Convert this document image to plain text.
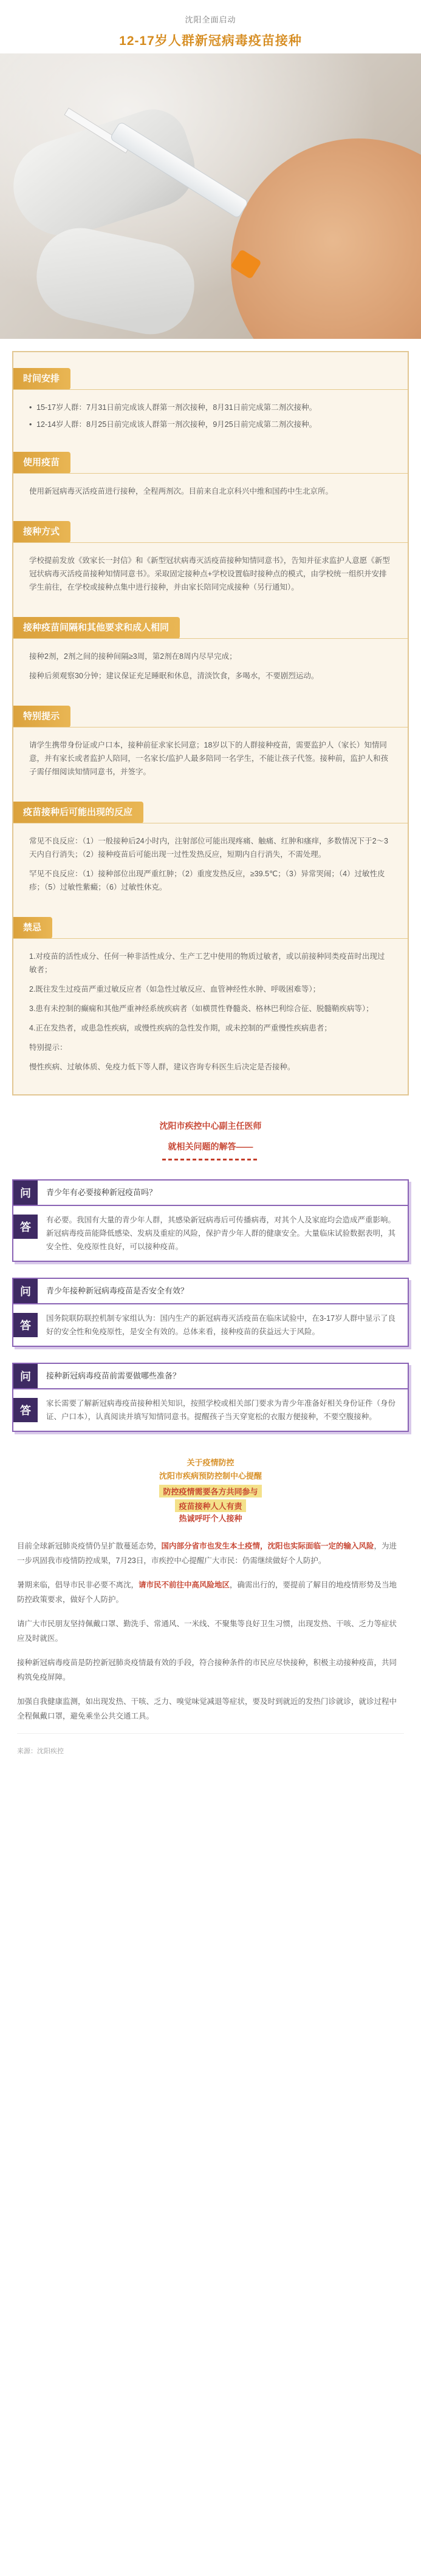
沈阳全面启动
12-17岁人群新冠病毒疫苗接种
时间安排
• 15-17岁人群：7月31日前完成该人群第一剂次接种，8月31日前完成第二剂次接种。
• 12-14岁人群：8月25日前完成该人群第一剂次接种，9月25日前完成第二剂次接种。
使用疫苗

使用新冠病毒灭活疫苗进行接种，全程两剂次。目前来自北京科兴中维和国药中生北京所。

接种方式

学校提前发放《致家长一封信》和《新型冠状病毒灭活疫苗接种知情同意书》，告知并征求监护人意愿《新型冠状病毒灭活疫苗接种知情同意书》。采取固定接种点+学校设置临时接种点的模式，由学校统一组织并安排学生前往，在学校或接种点集中进行接种，并由家长陪同完成接种（另行通知）。

接种疫苗间隔和其他要求和成人相同

接种2剂，2剂之间的接种间隔≥3周，第2剂在8周内尽早完成；

接种后须观察30分钟；建议保证充足睡眠和休息，清淡饮食，多喝水，不要剧烈运动。

特别提示

请学生携带身份证或户口本，接种前征求家长同意；18岁以下的人群接种疫苗，需要监护人（家长）知情同意，并有家长或者监护人陪同，一名家长/监护人最多陪同一名学生，不能让孩子代签。接种前，监护人和孩子需仔细阅读知情同意书，并签字。

疫苗接种后可能出现的反应

常见不良反应：（1）一般接种后24小时内，注射部位可能出现疼痛、触痛、红肿和瘙痒，多数情况下于2～3天内自行消失；（2）接种疫苗后可能出现一过性发热反应，短期内自行消失，不需处理。

罕见不良反应：（1）接种部位出现严重红肿；（2）重度发热反应，≥39.5℃；（3）异常哭闹；（4）过敏性皮疹；（5）过敏性紫癜；（6）过敏性休克。

禁忌

1.对疫苗的活性成分、任何一种非活性成分、生产工艺中使用的物质过敏者，或以前接种同类疫苗时出现过敏者；

2.既往发生过疫苗严重过敏反应者（如急性过敏反应、血管神经性水肿、呼吸困难等）；

3.患有未控制的癫痫和其他严重神经系统疾病者（如横贯性脊髓炎、格林巴利综合征、脱髓鞘疾病等）；

4.正在发热者，或患急性疾病，或慢性疾病的急性发作期，或未控制的严重慢性疾病患者；

特别提示：

慢性疾病、过敏体质、免疫力低下等人群，建议咨询专科医生后决定是否接种。

沈阳市疾控中心副主任医师
就相关问题的解答——
问	青少年有必要接种新冠疫苗吗？
答
有必要。我国有大量的青少年人群，其感染新冠病毒后可传播病毒，对其个人及家庭均会造成严重影响。新冠病毒疫苗能降低感染、发病及重症的风险，保护青少年人群的健康安全。大量临床试验数据表明，其安全性、免疫原性良好，可以接种疫苗。
问	青少年接种新冠病毒疫苗是否安全有效？
答
国务院联防联控机制专家组认为：国内生产的新冠病毒灭活疫苗在临床试验中，在3-17岁人群中显示了良好的安全性和免疫原性，是安全有效的。总体来看，接种疫苗的获益远大于风险。
问	接种新冠病毒疫苗前需要做哪些准备？
答
家长需要了解新冠病毒疫苗接种相关知识，按照学校或相关部门要求为青少年准备好相关身份证件（身份证、户口本），认真阅读并填写知情同意书。提醒孩子当天穿宽松的衣服方便接种，不要空腹接种。
关于疫情防控
沈阳市疾病预防控制中心提醒
防控疫情需要各方共同参与
疫苗接种人人有责
热诚呼吁个人接种

目前全球新冠肺炎疫情仍呈扩散蔓延态势，国内部分省市也发生本土疫情，沈阳也实际面临一定的输入风险，为进一步巩固我市疫情防控成果，7月23日，市疾控中心提醒广大市民：仍需继续做好个人防护。

暑期来临，倡导市民非必要不离沈，请市民不前往中高风险地区，确需出行的，要提前了解目的地疫情形势及当地防控政策要求，做好个人防护。

请广大市民朋友坚持佩戴口罩、勤洗手、常通风、一米线、不聚集等良好卫生习惯，出现发热、干咳、乏力等症状应及时就医。

接种新冠病毒疫苗是防控新冠肺炎疫情最有效的手段，符合接种条件的市民应尽快接种，积极主动接种疫苗，共同构筑免疫屏障。

加强自我健康监测，如出现发热、干咳、乏力、嗅觉味觉减退等症状，要及时到就近的发热门诊就诊，就诊过程中全程佩戴口罩，避免乘坐公共交通工具。

来源：沈阳疾控
